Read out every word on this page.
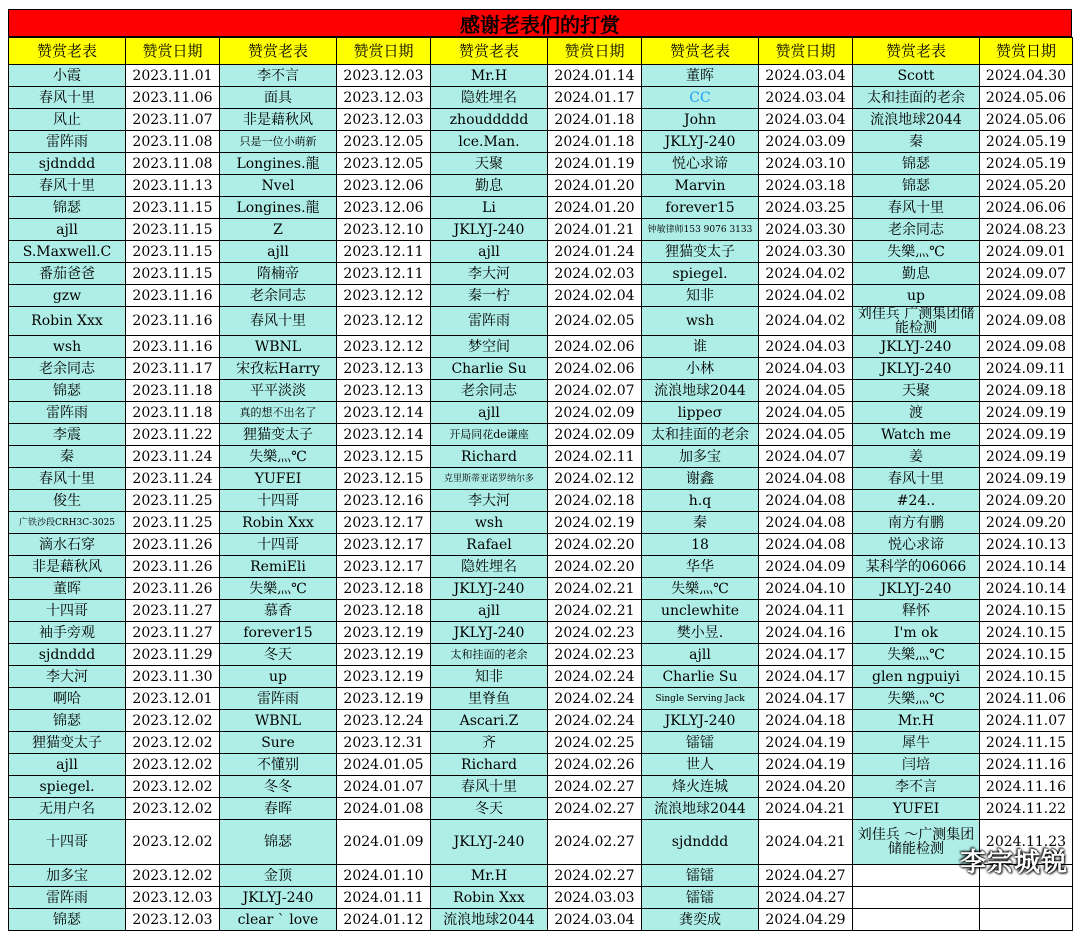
感谢老表们的打赏
赞赏老表	赞赏日期	赞赏老表	赞赏日期	赞赏老表	赞赏日期	赞赏老表	赞赏日期	赞赏老表	赞赏日期
小霞	2023.11.01	李不言	2023.12.03	Mr.H	2024.01.14	董晖	2024.03.04	Scott	2024.04.30
春风十里	2023.11.06	面具	2023.12.03	隐姓埋名	2024.01.17	CC	2024.03.04	太和挂面的老余	2024.05.06
风止	2023.11.07	非是藉秋风	2023.12.03	zhouddddd	2024.01.18	John	2024.03.04	流浪地球2044	2024.05.06
雷阵雨	2023.11.08	只是一位小萌新	2023.12.05	lce.Man.	2024.01.18	JKLYJ-240	2024.03.09	秦	2024.05.19
sjdnddd	2023.11.08	Longines.龍	2023.12.05	天聚	2024.01.19	悦心求谛	2024.03.10	锦瑟	2024.05.19
春风十里	2023.11.13	Nvel	2023.12.06	勤息	2024.01.20	Marvin	2024.03.18	锦瑟	2024.05.20
锦瑟	2023.11.15	Longines.龍	2023.12.06	Li	2024.01.20	forever15	2024.03.25	春风十里	2024.06.06
ajll	2023.11.15	Z	2023.12.10	JKLYJ-240	2024.01.21	钟敏律师153 9076 3133	2024.03.30	老余同志	2024.08.23
S.Maxwell.C	2023.11.15	ajll	2023.12.11	ajll	2024.01.24	狸猫变太子	2024.03.30	失樂灬℃	2024.09.01
番茄爸爸	2023.11.15	隋楠帝	2023.12.11	李大河	2024.02.03	spiegel.	2024.04.02	勤息	2024.09.07
gzw	2023.11.16	老余同志	2023.12.12	秦一柠	2024.02.04	知非	2024.04.02	up	2024.09.08
Robin Xxx	2023.11.16	春风十里	2023.12.12	雷阵雨	2024.02.05	wsh	2024.04.02	刘佳兵 广测集团储能检测	2024.09.08
wsh	2023.11.16	WBNL	2023.12.12	梦空间	2024.02.06	谁	2024.04.03	JKLYJ-240	2024.09.08
老余同志	2023.11.17	宋孜耘Harry	2023.12.13	Charlie Su	2024.02.06	小林	2024.04.03	JKLYJ-240	2024.09.11
锦瑟	2023.11.18	平平淡淡	2023.12.13	老余同志	2024.02.07	流浪地球2044	2024.04.05	天聚	2024.09.18
雷阵雨	2023.11.18	真的想不出名了	2023.12.14	ajll	2024.02.09	lippeσ	2024.04.05	渡	2024.09.19
李震	2023.11.22	狸猫变太子	2023.12.14	开局同花de谦座	2024.02.09	太和挂面的老余	2024.04.05	Watch me	2024.09.19
秦	2023.11.24	失樂灬℃	2023.12.15	Richard	2024.02.11	加多宝	2024.04.07	姜	2024.09.19
春风十里	2023.11.24	YUFEI	2023.12.15	克里斯蒂亚诺罗纳尔多	2024.02.12	谢鑫	2024.04.08	春风十里	2024.09.19
俊生	2023.11.25	十四哥	2023.12.16	李大河	2024.02.18	h.q	2024.04.08	#24..	2024.09.20
广铁沙段CRH3C-3025	2023.11.25	Robin Xxx	2023.12.17	wsh	2024.02.19	秦	2024.04.08	南方有鹏	2024.09.20
滴水石穿	2023.11.26	十四哥	2023.12.17	Rafael	2024.02.20	18	2024.04.08	悦心求谛	2024.10.13
非是藉秋风	2023.11.26	RemiEli	2023.12.17	隐姓埋名	2024.02.20	华华	2024.04.09	某科学的06066	2024.10.14
董晖	2023.11.26	失樂灬℃	2023.12.18	JKLYJ-240	2024.02.21	失樂灬℃	2024.04.10	JKLYJ-240	2024.10.14
十四哥	2023.11.27	慕香	2023.12.18	ajll	2024.02.21	unclewhite	2024.04.11	释怀	2024.10.15
袖手旁观	2023.11.27	forever15	2023.12.19	JKLYJ-240	2024.02.23	樊小昱.	2024.04.16	I'm ok	2024.10.15
sjdnddd	2023.11.29	冬天	2023.12.19	太和挂面的老余	2024.02.23	ajll	2024.04.17	失樂灬℃	2024.10.15
李大河	2023.11.30	up	2023.12.19	知非	2024.02.24	Charlie Su	2024.04.17	glen ngpuiyi	2024.10.15
啊哈	2023.12.01	雷阵雨	2023.12.19	里脊鱼	2024.02.24	Single Serving Jack	2024.04.17	失樂灬℃	2024.11.06
锦瑟	2023.12.02	WBNL	2023.12.24	Ascari.Z	2024.02.24	JKLYJ-240	2024.04.18	Mr.H	2024.11.07
狸猫变太子	2023.12.02	Sure	2023.12.31	齐	2024.02.25	镭镭	2024.04.19	犀牛	2024.11.15
ajll	2023.12.02	不懂别	2024.01.05	Richard	2024.02.26	世人	2024.04.19	闫培	2024.11.16
spiegel.	2023.12.02	冬冬	2024.01.07	春风十里	2024.02.27	烽火连城	2024.04.20	李不言	2024.11.16
无用户名	2023.12.02	春晖	2024.01.08	冬天	2024.02.27	流浪地球2044	2024.04.21	YUFEI	2024.11.22
十四哥	2023.12.02	锦瑟	2024.01.09	JKLYJ-240	2024.02.27	sjdnddd	2024.04.21	刘佳兵 ～广测集团储能检测	2024.11.23
加多宝	2023.12.02	金顶	2024.01.10	Mr.H	2024.02.27	镭镭	2024.04.27		
雷阵雨	2023.12.03	JKLYJ-240	2024.01.11	Robin Xxx	2024.03.03	镭镭	2024.04.27		
锦瑟	2023.12.03	clear ` love	2024.01.12	流浪地球2044	2024.03.04	龚奕成	2024.04.29		
李宗城锐
